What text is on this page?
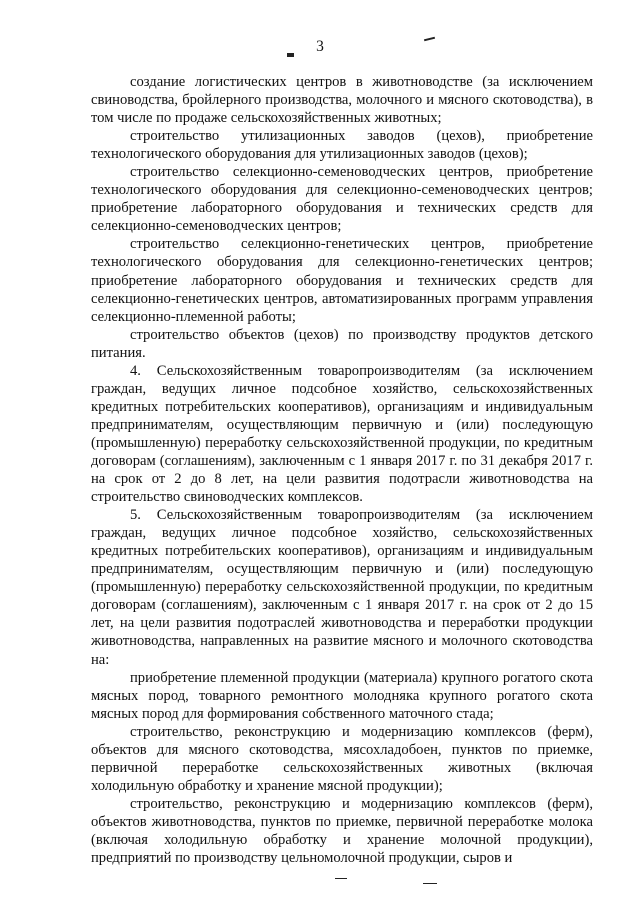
3

создание логистических центров в животноводстве (за исключением свиноводства, бройлерного производства, молочного и мясного скотоводства), в том числе по продаже сельскохозяйственных животных;

строительство утилизационных заводов (цехов), приобретение технологического оборудования для утилизационных заводов (цехов);

строительство селекционно-семеноводческих центров, приобретение технологического оборудования для селекционно-семеноводческих центров; приобретение лабораторного оборудования и технических средств для селекционно-семеноводческих центров;

строительство селекционно-генетических центров, приобретение технологического оборудования для селекционно-генетических центров; приобретение лабораторного оборудования и технических средств для селекционно-генетических центров, автоматизированных программ управления селекционно-племенной работы;

строительство объектов (цехов) по производству продуктов детского питания.

4. Сельскохозяйственным товаропроизводителям (за исключением граждан, ведущих личное подсобное хозяйство, сельскохозяйственных кредитных потребительских кооперативов), организациям и индивидуальным предпринимателям, осуществляющим первичную и (или) последующую (промышленную) переработку сельскохозяйственной продукции, по кредитным договорам (соглашениям), заключенным с 1 января 2017 г. по 31 декабря 2017 г. на срок от 2 до 8 лет, на цели развития подотрасли животноводства на строительство свиноводческих комплексов.

5. Сельскохозяйственным товаропроизводителям (за исключением граждан, ведущих личное подсобное хозяйство, сельскохозяйственных кредитных потребительских кооперативов), организациям и индивидуальным предпринимателям, осуществляющим первичную и (или) последующую (промышленную) переработку сельскохозяйственной продукции, по кредитным договорам (соглашениям), заключенным с 1 января 2017 г. на срок от 2 до 15 лет, на цели развития подотраслей животноводства и переработки продукции животноводства, направленных на развитие мясного и молочного скотоводства на:

приобретение племенной продукции (материала) крупного рогатого скота мясных пород, товарного ремонтного молодняка крупного рогатого скота мясных пород для формирования собственного маточного стада;

строительство, реконструкцию и модернизацию комплексов (ферм), объектов для мясного скотоводства, мясохладобоен, пунктов по приемке, первичной переработке сельскохозяйственных животных (включая холодильную обработку и хранение мясной продукции);

строительство, реконструкцию и модернизацию комплексов (ферм), объектов животноводства, пунктов по приемке, первичной переработке молока (включая холодильную обработку и хранение молочной продукции), предприятий по производству цельномолочной продукции, сыров и
